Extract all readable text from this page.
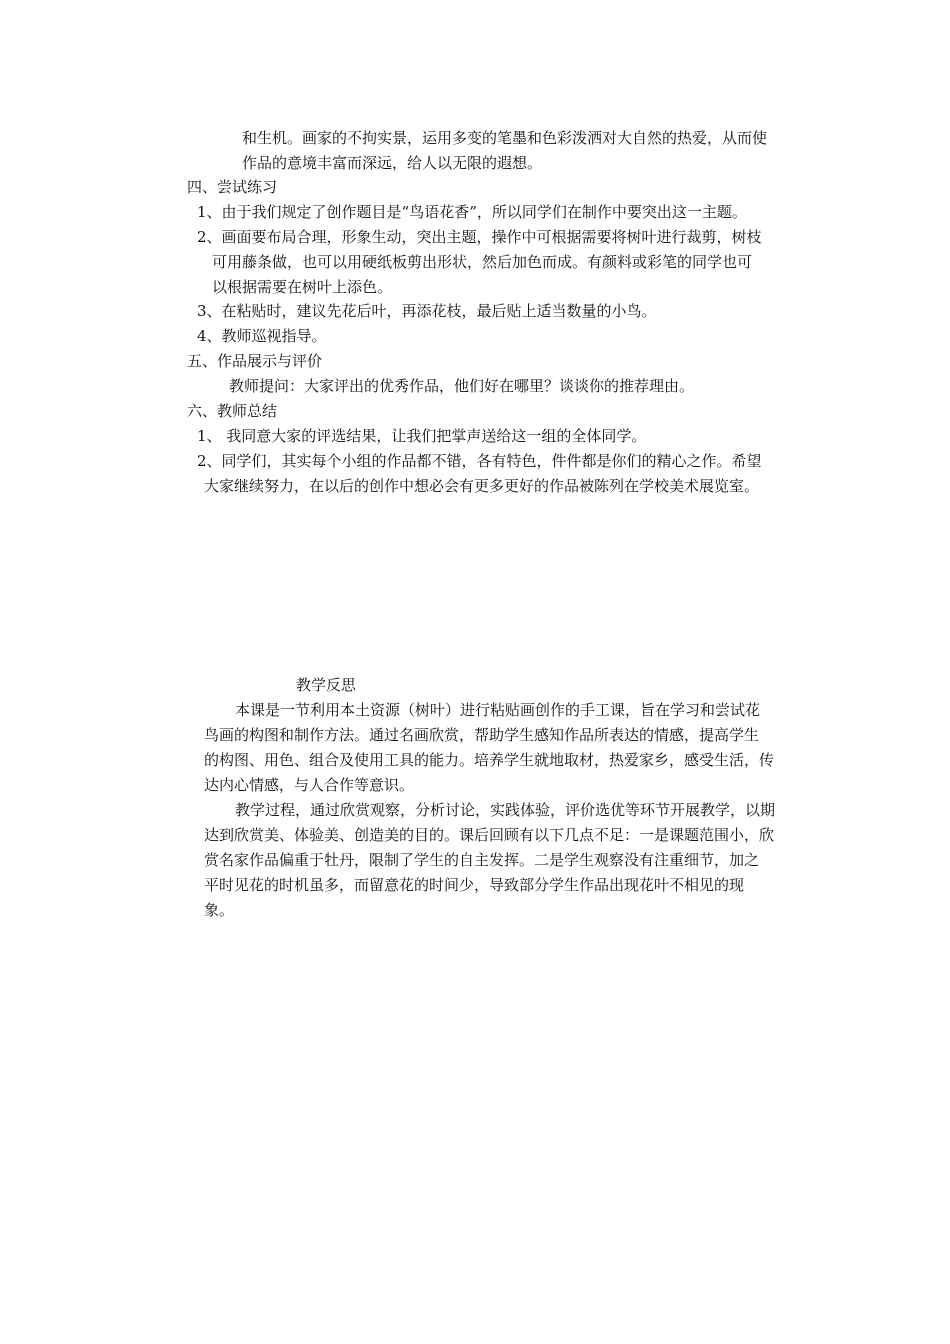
和生机。画家的不拘实景，运用多变的笔墨和色彩泼洒对大自然的热爱，从而使
作品的意境丰富而深远，给人以无限的遐想。
四、尝试练习
1、由于我们规定了创作题目是“鸟语花香”，所以同学们在制作中要突出这一主题。
2、画面要布局合理，形象生动，突出主题，操作中可根据需要将树叶进行裁剪，树枝
可用藤条做，也可以用硬纸板剪出形状，然后加色而成。有颜料或彩笔的同学也可
以根据需要在树叶上添色。
3、在粘贴时，建议先花后叶，再添花枝，最后贴上适当数量的小鸟。
4、教师巡视指导。
五、作品展示与评价
教师提问：大家评出的优秀作品，他们好在哪里？谈谈你的推荐理由。
六、教师总结
1、 我同意大家的评选结果，让我们把掌声送给这一组的全体同学。
2、同学们，其实每个小组的作品都不错，各有特色，件件都是你们的精心之作。希望
大家继续努力，在以后的创作中想必会有更多更好的作品被陈列在学校美术展览室。
教学反思
本课是一节利用本土资源（树叶）进行粘贴画创作的手工课，旨在学习和尝试花
鸟画的构图和制作方法。通过名画欣赏，帮助学生感知作品所表达的情感，提高学生
的构图、用色、组合及使用工具的能力。培养学生就地取材，热爱家乡，感受生活，传
达内心情感，与人合作等意识。
教学过程，通过欣赏观察，分析讨论，实践体验，评价选优等环节开展教学，以期
达到欣赏美、体验美、创造美的目的。课后回顾有以下几点不足：一是课题范围小，欣
赏名家作品偏重于牡丹，限制了学生的自主发挥。二是学生观察没有注重细节，加之
平时见花的时机虽多，而留意花的时间少，导致部分学生作品出现花叶不相见的现
象。
